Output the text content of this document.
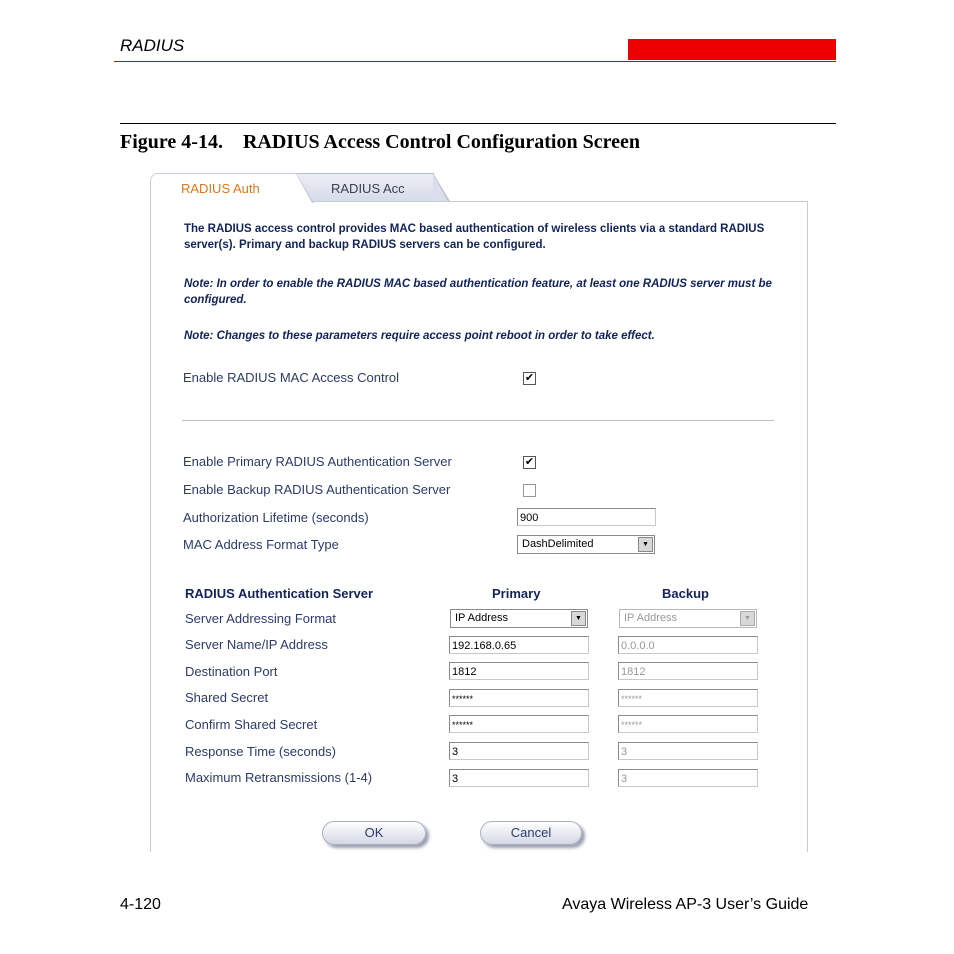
RADIUS
Figure 4-14.    RADIUS Access Control Configuration Screen
RADIUS Acc
RADIUS Auth
The RADIUS access control provides MAC based authentication of wireless clients via a standard RADIUS server(s). Primary and backup RADIUS servers can be configured.
Note: In order to enable the RADIUS MAC based authentication feature, at least one RADIUS server must be configured.
Note: Changes to these parameters require access point reboot in order to take effect.
Enable RADIUS MAC Access Control	✔
Enable Primary RADIUS Authentication Server	✔
Enable Backup RADIUS Authentication Server
Authorization Lifetime (seconds)	900
MAC Address Format Type	DashDelimited	▼
RADIUS Authentication Server	Primary	Backup
Server Addressing Format	IP Address	▼	IP Address	▼
Server Name/IP Address	192.168.0.65	0.0.0.0
Destination Port	1812	1812
Shared Secret	******	******
Confirm Shared Secret	******	******
Response Time (seconds)	3	3
Maximum Retransmissions (1-4)	3	3
OK	Cancel
4-120	Avaya Wireless AP-3 User’s Guide
